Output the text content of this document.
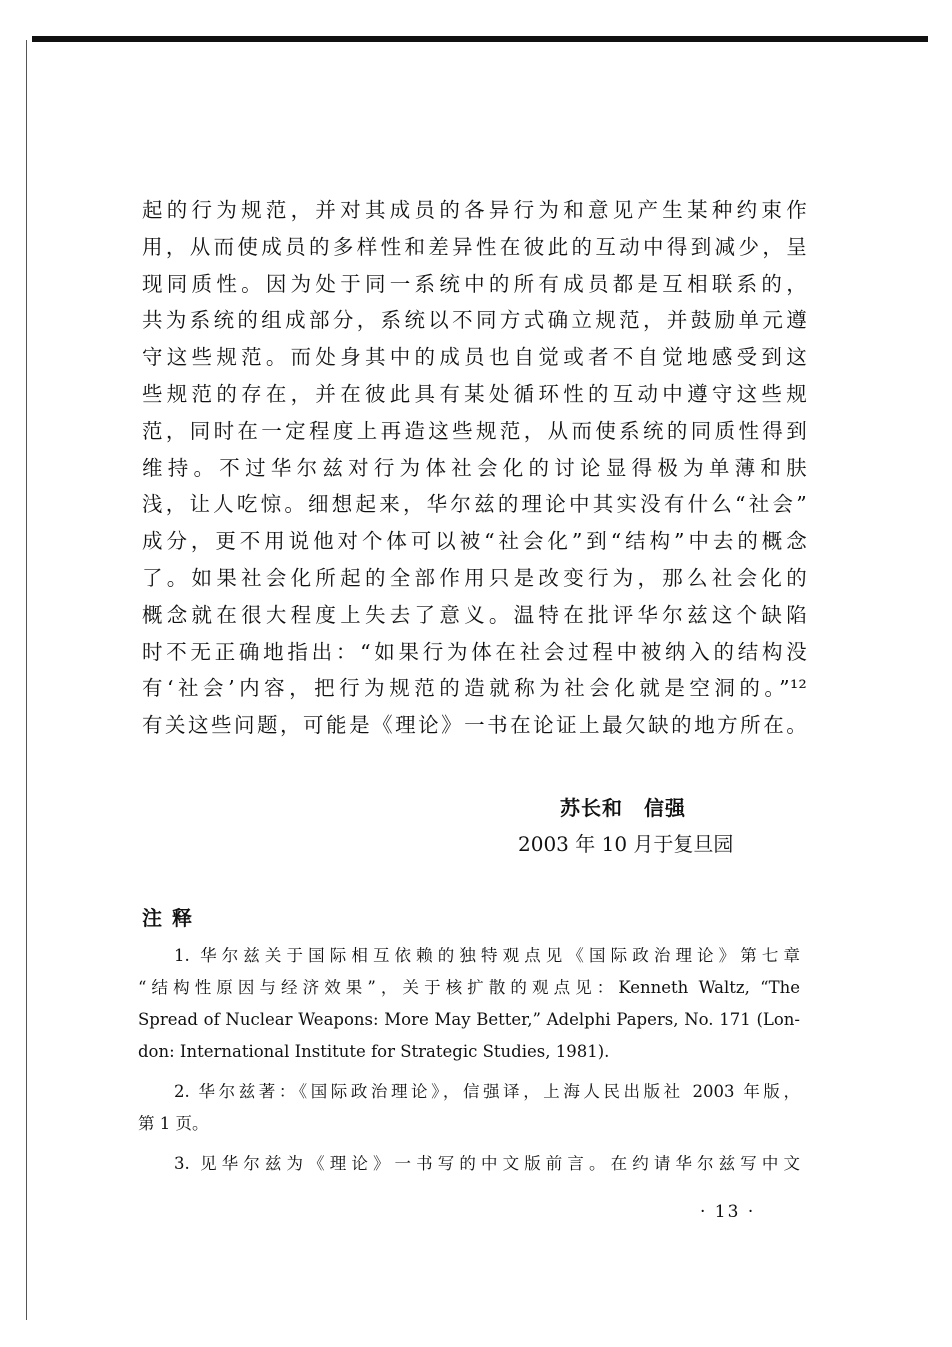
起的行为规范，并对其成员的各异行为和意见产生某种约束作
用，从而使成员的多样性和差异性在彼此的互动中得到减少，呈
现同质性。因为处于同一系统中的所有成员都是互相联系的，
共为系统的组成部分，系统以不同方式确立规范，并鼓励单元遵
守这些规范。而处身其中的成员也自觉或者不自觉地感受到这
些规范的存在，并在彼此具有某处循环性的互动中遵守这些规
范，同时在一定程度上再造这些规范，从而使系统的同质性得到
维持。不过华尔兹对行为体社会化的讨论显得极为单薄和肤
浅，让人吃惊。细想起来，华尔兹的理论中其实没有什么“社会”
成分，更不用说他对个体可以被“社会化”到“结构”中去的概念
了。如果社会化所起的全部作用只是改变行为，那么社会化的
概念就在很大程度上失去了意义。温特在批评华尔兹这个缺陷
时不无正确地指出：“如果行为体在社会过程中被纳入的结构没
有‘社会’内容，把行为规范的造就称为社会化就是空洞的。”¹²
有关这些问题，可能是《理论》一书在论证上最欠缺的地方所在。
苏长和　信强
2003 年 10 月于复旦园
注释
1. 华尔兹关于国际相互依赖的独特观点见《国际政治理论》第七章
“结构性原因与经济效果”，关于核扩散的观点见：Kenneth Waltz, “The
Spread of Nuclear Weapons: More May Better,” Adelphi Papers, No. 171 (Lon-
don: International Institute for Strategic Studies, 1981).
2. 华尔兹著：《国际政治理论》，信强译，上海人民出版社 2003 年版，
第 1 页。
3. 见华尔兹为《理论》一书写的中文版前言。在约请华尔兹写中文
· 13 ·
